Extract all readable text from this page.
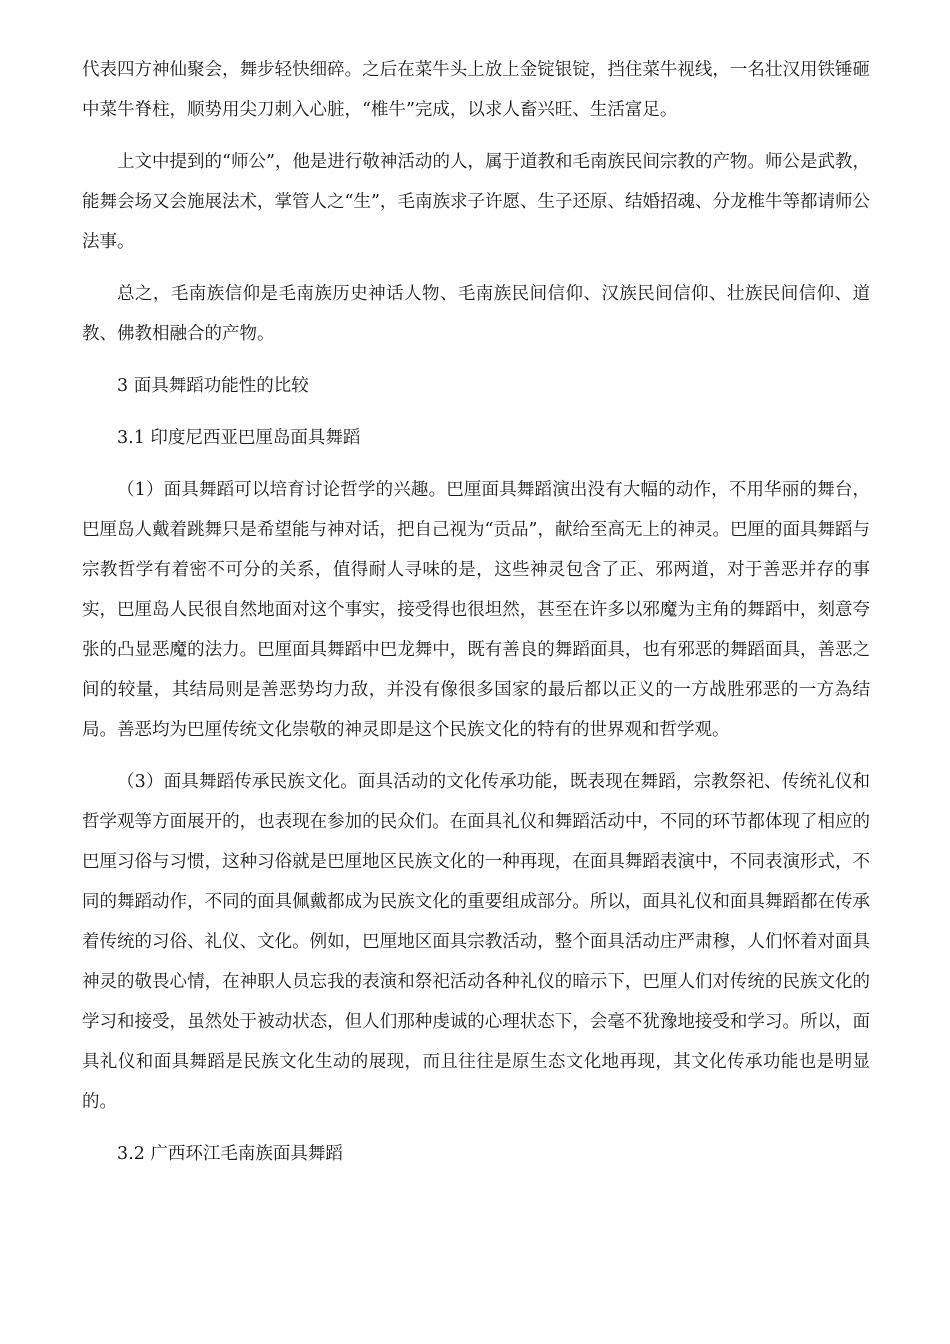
代表四方神仙聚会，舞步轻快细碎。之后在菜牛头上放上金锭银锭，挡住菜牛视线，一名壮汉用铁锤砸中菜牛脊柱，顺势用尖刀刺入心脏，“椎牛”完成，以求人畜兴旺、生活富足。

上文中提到的“师公”，他是进行敬神活动的人，属于道教和毛南族民间宗教的产物。师公是武教，能舞会场又会施展法术，掌管人之“生”，毛南族求子许愿、生子还原、结婚招魂、分龙椎牛等都请师公法事。

总之，毛南族信仰是毛南族历史神话人物、毛南族民间信仰、汉族民间信仰、壮族民间信仰、道教、佛教相融合的产物。

3 面具舞蹈功能性的比较

3.1 印度尼西亚巴厘岛面具舞蹈

（1）面具舞蹈可以培育讨论哲学的兴趣。巴厘面具舞蹈演出没有大幅的动作，不用华丽的舞台，巴厘岛人戴着跳舞只是希望能与神对话，把自己视为“贡品”，献给至高无上的神灵。巴厘的面具舞蹈与宗教哲学有着密不可分的关系，值得耐人寻味的是，这些神灵包含了正、邪两道，对于善恶并存的事实，巴厘岛人民很自然地面对这个事实，接受得也很坦然，甚至在许多以邪魔为主角的舞蹈中，刻意夸张的凸显恶魔的法力。巴厘面具舞蹈中巴龙舞中，既有善良的舞蹈面具，也有邪恶的舞蹈面具，善恶之间的较量，其结局则是善恶势均力敌，并没有像很多国家的最后都以正义的一方战胜邪恶的一方為结局。善恶均为巴厘传统文化崇敬的神灵即是这个民族文化的特有的世界观和哲学观。

（3）面具舞蹈传承民族文化。面具活动的文化传承功能，既表现在舞蹈，宗教祭祀、传统礼仪和哲学观等方面展开的，也表现在参加的民众们。在面具礼仪和舞蹈活动中，不同的环节都体现了相应的巴厘习俗与习惯，这种习俗就是巴厘地区民族文化的一种再现，在面具舞蹈表演中，不同表演形式，不同的舞蹈动作，不同的面具佩戴都成为民族文化的重要组成部分。所以，面具礼仪和面具舞蹈都在传承着传统的习俗、礼仪、文化。例如，巴厘地区面具宗教活动，整个面具活动庄严肃穆，人们怀着对面具神灵的敬畏心情，在神职人员忘我的表演和祭祀活动各种礼仪的暗示下，巴厘人们对传统的民族文化的学习和接受，虽然处于被动状态，但人们那种虔诚的心理状态下，会毫不犹豫地接受和学习。所以，面具礼仪和面具舞蹈是民族文化生动的展现，而且往往是原生态文化地再现，其文化传承功能也是明显的。

3.2 广西环江毛南族面具舞蹈
